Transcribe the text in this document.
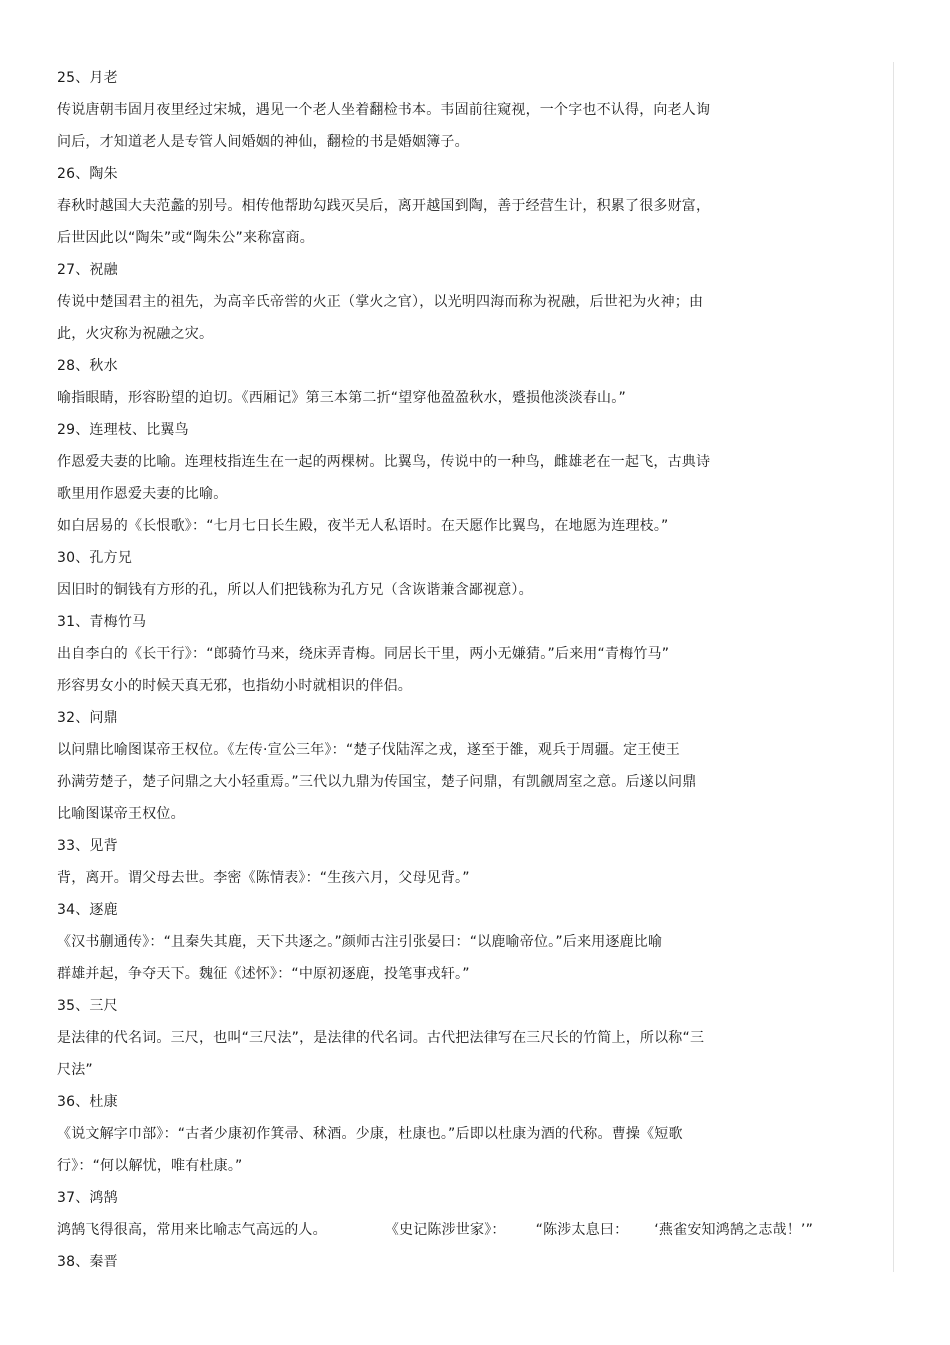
25、月老
传说唐朝韦固月夜里经过宋城，遇见一个老人坐着翻检书本。韦固前往窥视，一个字也不认得，向老人询
问后，才知道老人是专管人间婚姻的神仙，翻检的书是婚姻簿子。
26、陶朱
春秋时越国大夫范蠡的别号。相传他帮助勾践灭吴后，离开越国到陶，善于经营生计，积累了很多财富，
后世因此以“陶朱”或“陶朱公”来称富商。
27、祝融
传说中楚国君主的祖先，为高辛氏帝喾的火正（掌火之官），以光明四海而称为祝融，后世祀为火神；由
此，火灾称为祝融之灾。
28、秋水
喻指眼睛，形容盼望的迫切。《西厢记》第三本第二折“望穿他盈盈秋水，蹙损他淡淡春山。”
29、连理枝、比翼鸟
作恩爱夫妻的比喻。连理枝指连生在一起的两棵树。比翼鸟，传说中的一种鸟，雌雄老在一起飞，古典诗
歌里用作恩爱夫妻的比喻。
如白居易的《长恨歌》：“七月七日长生殿，夜半无人私语时。在天愿作比翼鸟，在地愿为连理枝。”
30、孔方兄
因旧时的铜钱有方形的孔，所以人们把钱称为孔方兄（含诙谐兼含鄙视意）。
31、青梅竹马
出自李白的《长干行》：“郎骑竹马来，绕床弄青梅。同居长干里，两小无嫌猜。”后来用“青梅竹马”
形容男女小的时候天真无邪，也指幼小时就相识的伴侣。
32、问鼎
以问鼎比喻图谋帝王权位。《左传·宣公三年》：“楚子伐陆浑之戎，遂至于雒，观兵于周疆。定王使王
孙满劳楚子，楚子问鼎之大小轻重焉。”三代以九鼎为传国宝，楚子问鼎，有凯觎周室之意。后遂以问鼎
比喻图谋帝王权位。
33、见背
背，离开。谓父母去世。李密《陈情表》：“生孩六月，父母见背。”
34、逐鹿
《汉书蒯通传》：“且秦失其鹿，天下共逐之。”颜师古注引张晏曰：“以鹿喻帝位。”后来用逐鹿比喻
群雄并起，争夺天下。魏征《述怀》：“中原初逐鹿，投笔事戎轩。”
35、三尺
是法律的代名词。三尺，也叫“三尺法”，是法律的代名词。古代把法律写在三尺长的竹简上，所以称“三
尺法”
36、杜康
《说文解字巾部》：“古者少康初作箕帚、秫酒。少康，杜康也。”后即以杜康为酒的代称。曹操《短歌
行》：“何以解忧，唯有杜康。”
37、鸿鹄
鸿鹄飞得很高，常用来比喻志气高远的人。	《史记陈涉世家》： “陈涉太息曰： ‘燕雀安知鸿鹄之志哉！’”
38、秦晋
